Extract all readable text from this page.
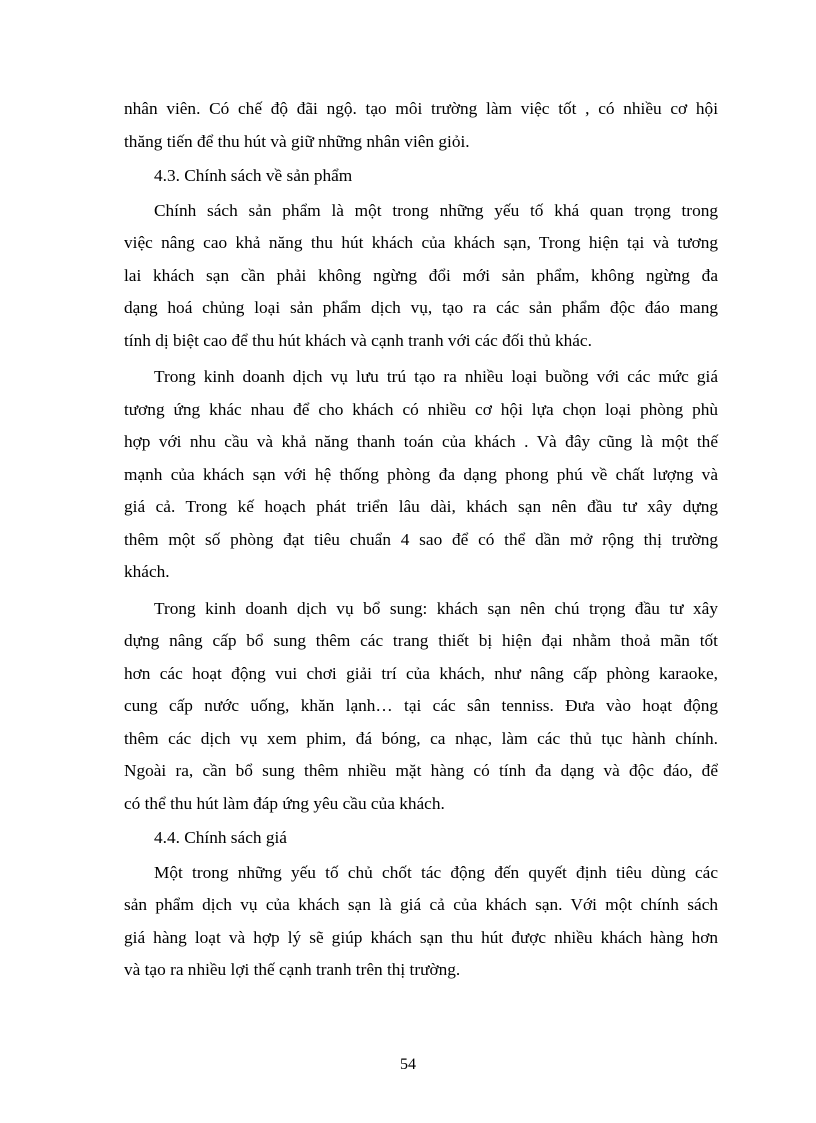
nhân viên. Có chế độ đãi ngộ. tạo môi trường làm việc tốt , có nhiều cơ hội
thăng tiến để thu hút và giữ những nhân viên giỏi.

4.3. Chính sách về sản phẩm

Chính sách sản phẩm là một trong những yếu tố khá quan trọng trong

việc nâng cao khả năng thu hút khách của khách sạn, Trong hiện tại và tương
lai khách sạn cần phải không ngừng đổi mới sản phẩm, không ngừng đa
dạng hoá chủng loại sản phẩm dịch vụ, tạo ra các sản phẩm độc đáo mang
tính dị biệt cao để thu hút khách và cạnh tranh với các đối thủ khác.

Trong kinh doanh dịch vụ lưu trú tạo ra nhiều loại buồng với các mức giá

tương ứng khác nhau để cho khách có nhiều cơ hội lựa chọn loại phòng phù
hợp với nhu cầu và khả năng thanh toán của khách . Và đây cũng là một thế
mạnh của khách sạn với hệ thống phòng đa dạng phong phú về chất lượng và
giá cả. Trong kế hoạch phát triển lâu dài, khách sạn nên đầu tư xây dựng
thêm một số phòng đạt tiêu chuẩn 4 sao để có thể dần mở rộng thị trường
khách.

Trong kinh doanh dịch vụ bổ sung: khách sạn nên chú trọng đầu tư xây

dựng nâng cấp bổ sung thêm các trang thiết bị hiện đại nhằm thoả mãn tốt
hơn các hoạt động vui chơi giải trí của khách, như nâng cấp phòng karaoke,
cung cấp nước uống, khăn lạnh… tại các sân tenniss. Đưa vào hoạt động
thêm các dịch vụ xem phim, đá bóng, ca nhạc, làm các thủ tục hành chính.
Ngoài ra, cần bổ sung thêm nhiều mặt hàng có tính đa dạng và độc đáo, để
có thể thu hút làm đáp ứng yêu cầu của khách.

4.4. Chính sách giá

Một trong những yếu tố chủ chốt tác động đến quyết định tiêu dùng các

sản phẩm dịch vụ của khách sạn là giá cả của khách sạn. Với một chính sách
giá hàng loạt và hợp lý sẽ giúp khách sạn thu hút được nhiều khách hàng hơn
và tạo ra nhiều lợi thế cạnh tranh trên thị trường.

54
